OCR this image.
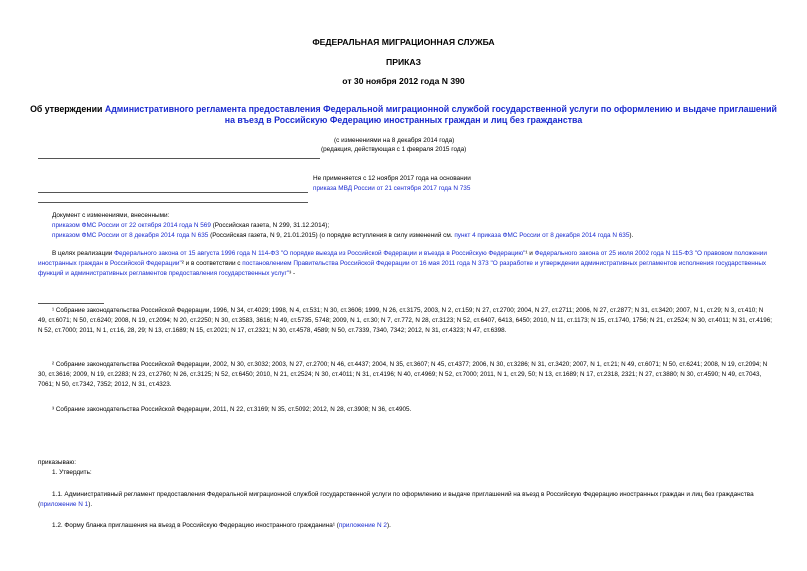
ФЕДЕРАЛЬНАЯ МИГРАЦИОННАЯ СЛУЖБА
ПРИКАЗ
от 30 ноября 2012 года N 390
Об утверждении Административного регламента предоставления Федеральной миграционной службой государственной услуги по оформлению и выдаче приглашений на въезд в Российскую Федерацию иностранных граждан и лиц без гражданства
(с изменениями на 8 декабря 2014 года)
(редакция, действующая с 1 февраля 2015 года)
Не применяется с 12 ноября 2017 года на основании
приказа МВД России от 21 сентября 2017 года N 735
Документ с изменениями, внесенными:
приказом ФМС России от 22 октября 2014 года N 569 (Российская газета, N 299, 31.12.2014);
приказом ФМС России от 8 декабря 2014 года N 635 (Российская газета, N 9, 21.01.2015) (о порядке вступления в силу изменений см. пункт 4 приказа ФМС России от 8 декабря 2014 года N 635).
В целях реализации Федерального закона от 15 августа 1996 года N 114-ФЗ "О порядке выезда из Российской Федерации и въезда в Российскую Федерацию"¹ и Федерального закона от 25 июля 2002 года N 115-ФЗ "О правовом положении иностранных граждан в Российской Федерации"² и в соответствии с постановлением Правительства Российской Федерации от 16 мая 2011 года N 373 "О разработке и утверждении административных регламентов исполнения государственных функций и административных регламентов предоставления государственных услуг"³ -
¹ Собрание законодательства Российской Федерации, 1996, N 34, ст.4029; 1998, N 4, ст.531; N 30, ст.3606; 1999, N 26, ст.3175, 2003, N 2, ст.159; N 27, ст.2700; 2004, N 27, ст.2711; 2006, N 27, ст.2877; N 31, ст.3420; 2007, N 1, ст.29; N 3, ст.410; N 49, ст.6071; N 50, ст.6240; 2008, N 19, ст.2094; N 20, ст.2250; N 30, ст.3583, 3616; N 49, ст.5735, 5748; 2009, N 1, ст.30; N 7, ст.772, N 28, ст.3123; N 52, ст.6407, 6413, 6450; 2010, N 11, ст.1173; N 15, ст.1740, 1756; N 21, ст.2524; N 30, ст.4011; N 31, ст.4196; N 52, ст.7000; 2011, N 1, ст.16, 28, 29; N 13, ст.1689; N 15, ст.2021; N 17, ст.2321; N 30, ст.4578, 4589; N 50, ст.7339, 7340, 7342; 2012, N 31, ст.4323; N 47, ст.6398.
² Собрание законодательства Российской Федерации, 2002, N 30, ст.3032; 2003, N 27, ст.2700; N 46, ст.4437; 2004, N 35, ст.3607; N 45, ст.4377; 2006, N 30, ст.3286; N 31, ст.3420; 2007, N 1, ст.21; N 49, ст.6071; N 50, ст.6241; 2008, N 19, ст.2094; N 30, ст.3616; 2009, N 19, ст.2283; N 23, ст.2760; N 26, ст.3125; N 52, ст.6450; 2010, N 21, ст.2524; N 30, ст.4011; N 31, ст.4196; N 40, ст.4969; N 52, ст.7000; 2011, N 1, ст.29, 50; N 13, ст.1689; N 17, ст.2318, 2321; N 27, ст.3880; N 30, ст.4590; N 49, ст.7043, 7061; N 50, ст.7342, 7352; 2012, N 31, ст.4323.
³ Собрание законодательства Российской Федерации, 2011, N 22, ст.3169; N 35, ст.5092; 2012, N 28, ст.3908; N 36, ст.4905.
приказываю:
1. Утвердить:
1.1. Административный регламент предоставления Федеральной миграционной службой государственной услуги по оформлению и выдаче приглашений на въезд в Российскую Федерацию иностранных граждан и лиц без гражданства (приложение N 1).
1.2. Форму бланка приглашения на въезд в Российскую Федерацию иностранного гражданина¹ (приложение N 2).
